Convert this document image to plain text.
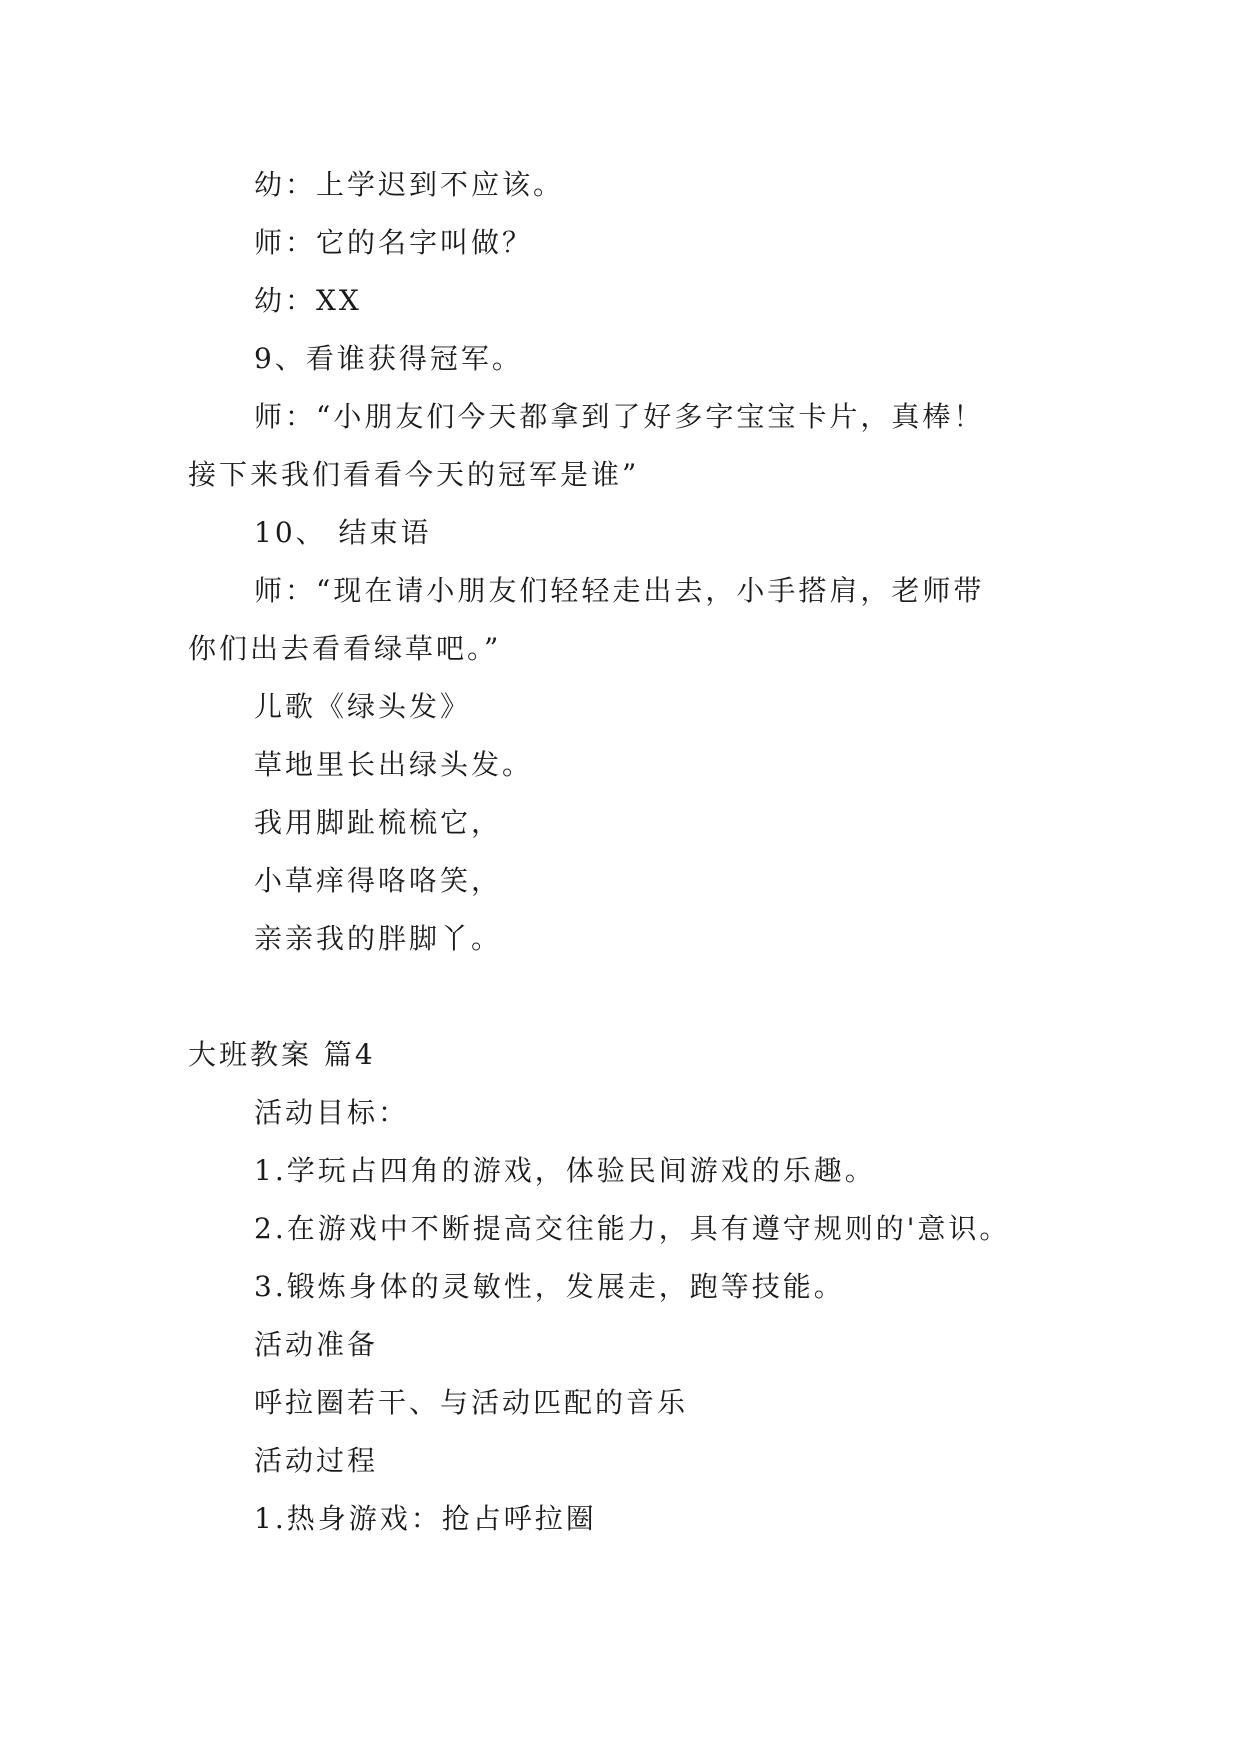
幼：上学迟到不应该。
师：它的名字叫做？
幼：XX
9、看谁获得冠军。
师：“小朋友们今天都拿到了好多字宝宝卡片，真棒！
接下来我们看看今天的冠军是谁”
10、 结束语
师：“现在请小朋友们轻轻走出去，小手搭肩，老师带
你们出去看看绿草吧。”
儿歌《绿头发》
草地里长出绿头发。
我用脚趾梳梳它，
小草痒得咯咯笑，
亲亲我的胖脚丫。
大班教案 篇4
活动目标：
1.学玩占四角的游戏，体验民间游戏的乐趣。
2.在游戏中不断提高交往能力，具有遵守规则的'意识。
3.锻炼身体的灵敏性，发展走，跑等技能。
活动准备
呼拉圈若干、与活动匹配的音乐
活动过程
1.热身游戏：抢占呼拉圈
